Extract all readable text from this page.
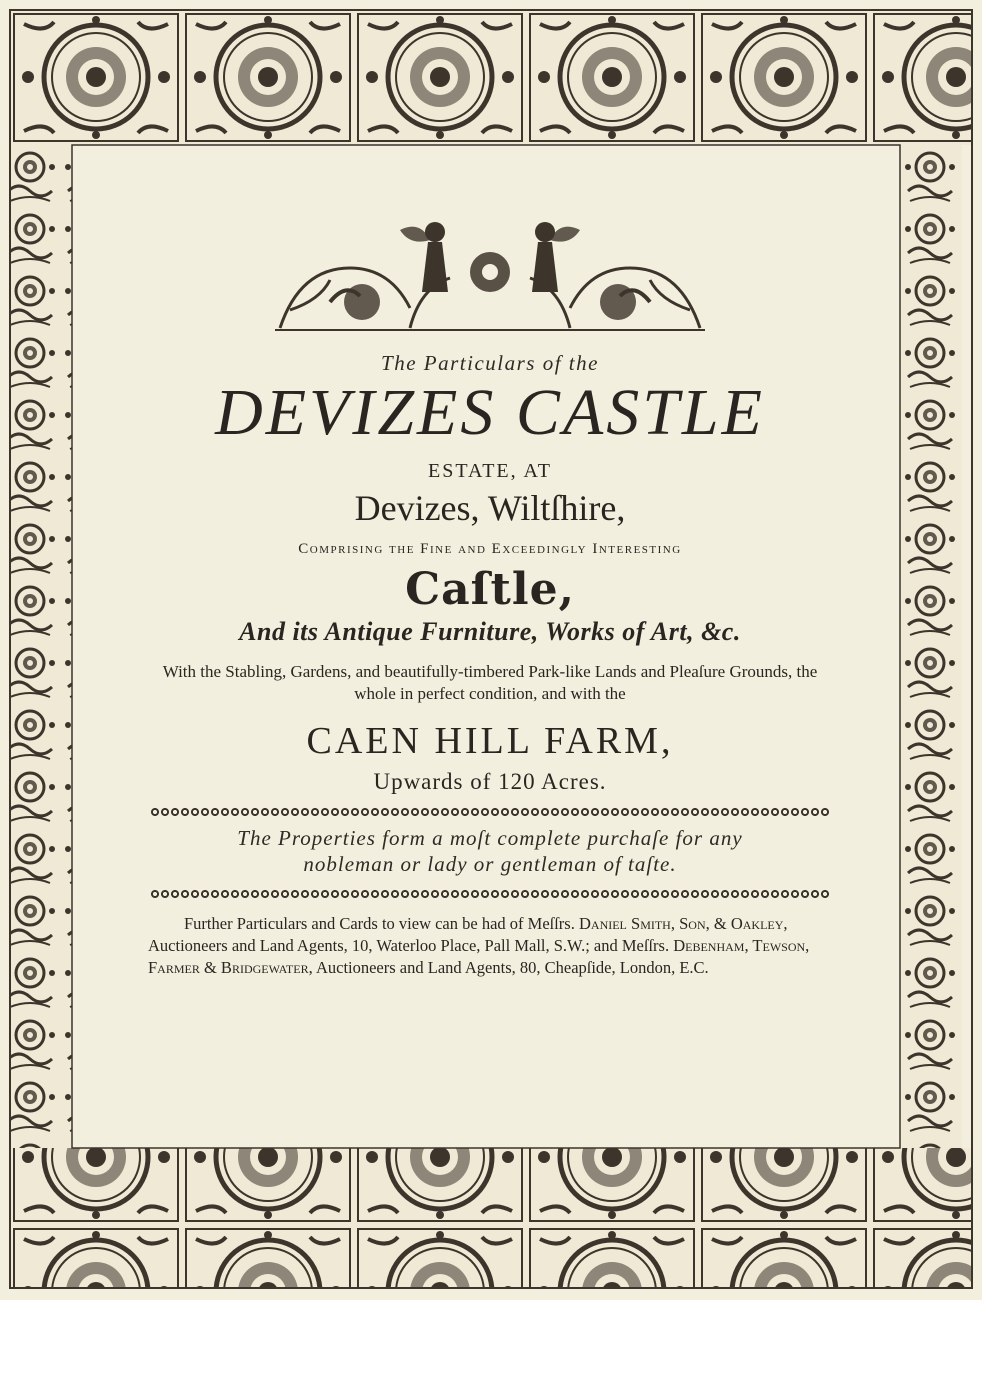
The Particulars of the
DEVIZES CASTLE
ESTATE, AT
Devizes, Wiltſhire,
Comprising the Fine and Exceedingly Interesting
Caſtle,
And its Antique Furniture, Works of Art, &c.
With the Stabling, Gardens, and beautifully-timbered Park-like Lands and Pleaſure Grounds, the whole in perfect condition, and with the
CAEN HILL FARM,
Upwards of 120 Acres.
The Properties form a moſt complete purchaſe for any
nobleman or lady or gentleman of taſte.
Further Particulars and Cards to view can be had of Meſſrs. Daniel Smith, Son, & Oakley, Auctioneers and Land Agents, 10, Waterloo Place, Pall Mall, S.W.; and Meſſrs. Debenham, Tewson, Farmer & Bridgewater, Auctioneers and Land Agents, 80, Cheapſide, London, E.C.
